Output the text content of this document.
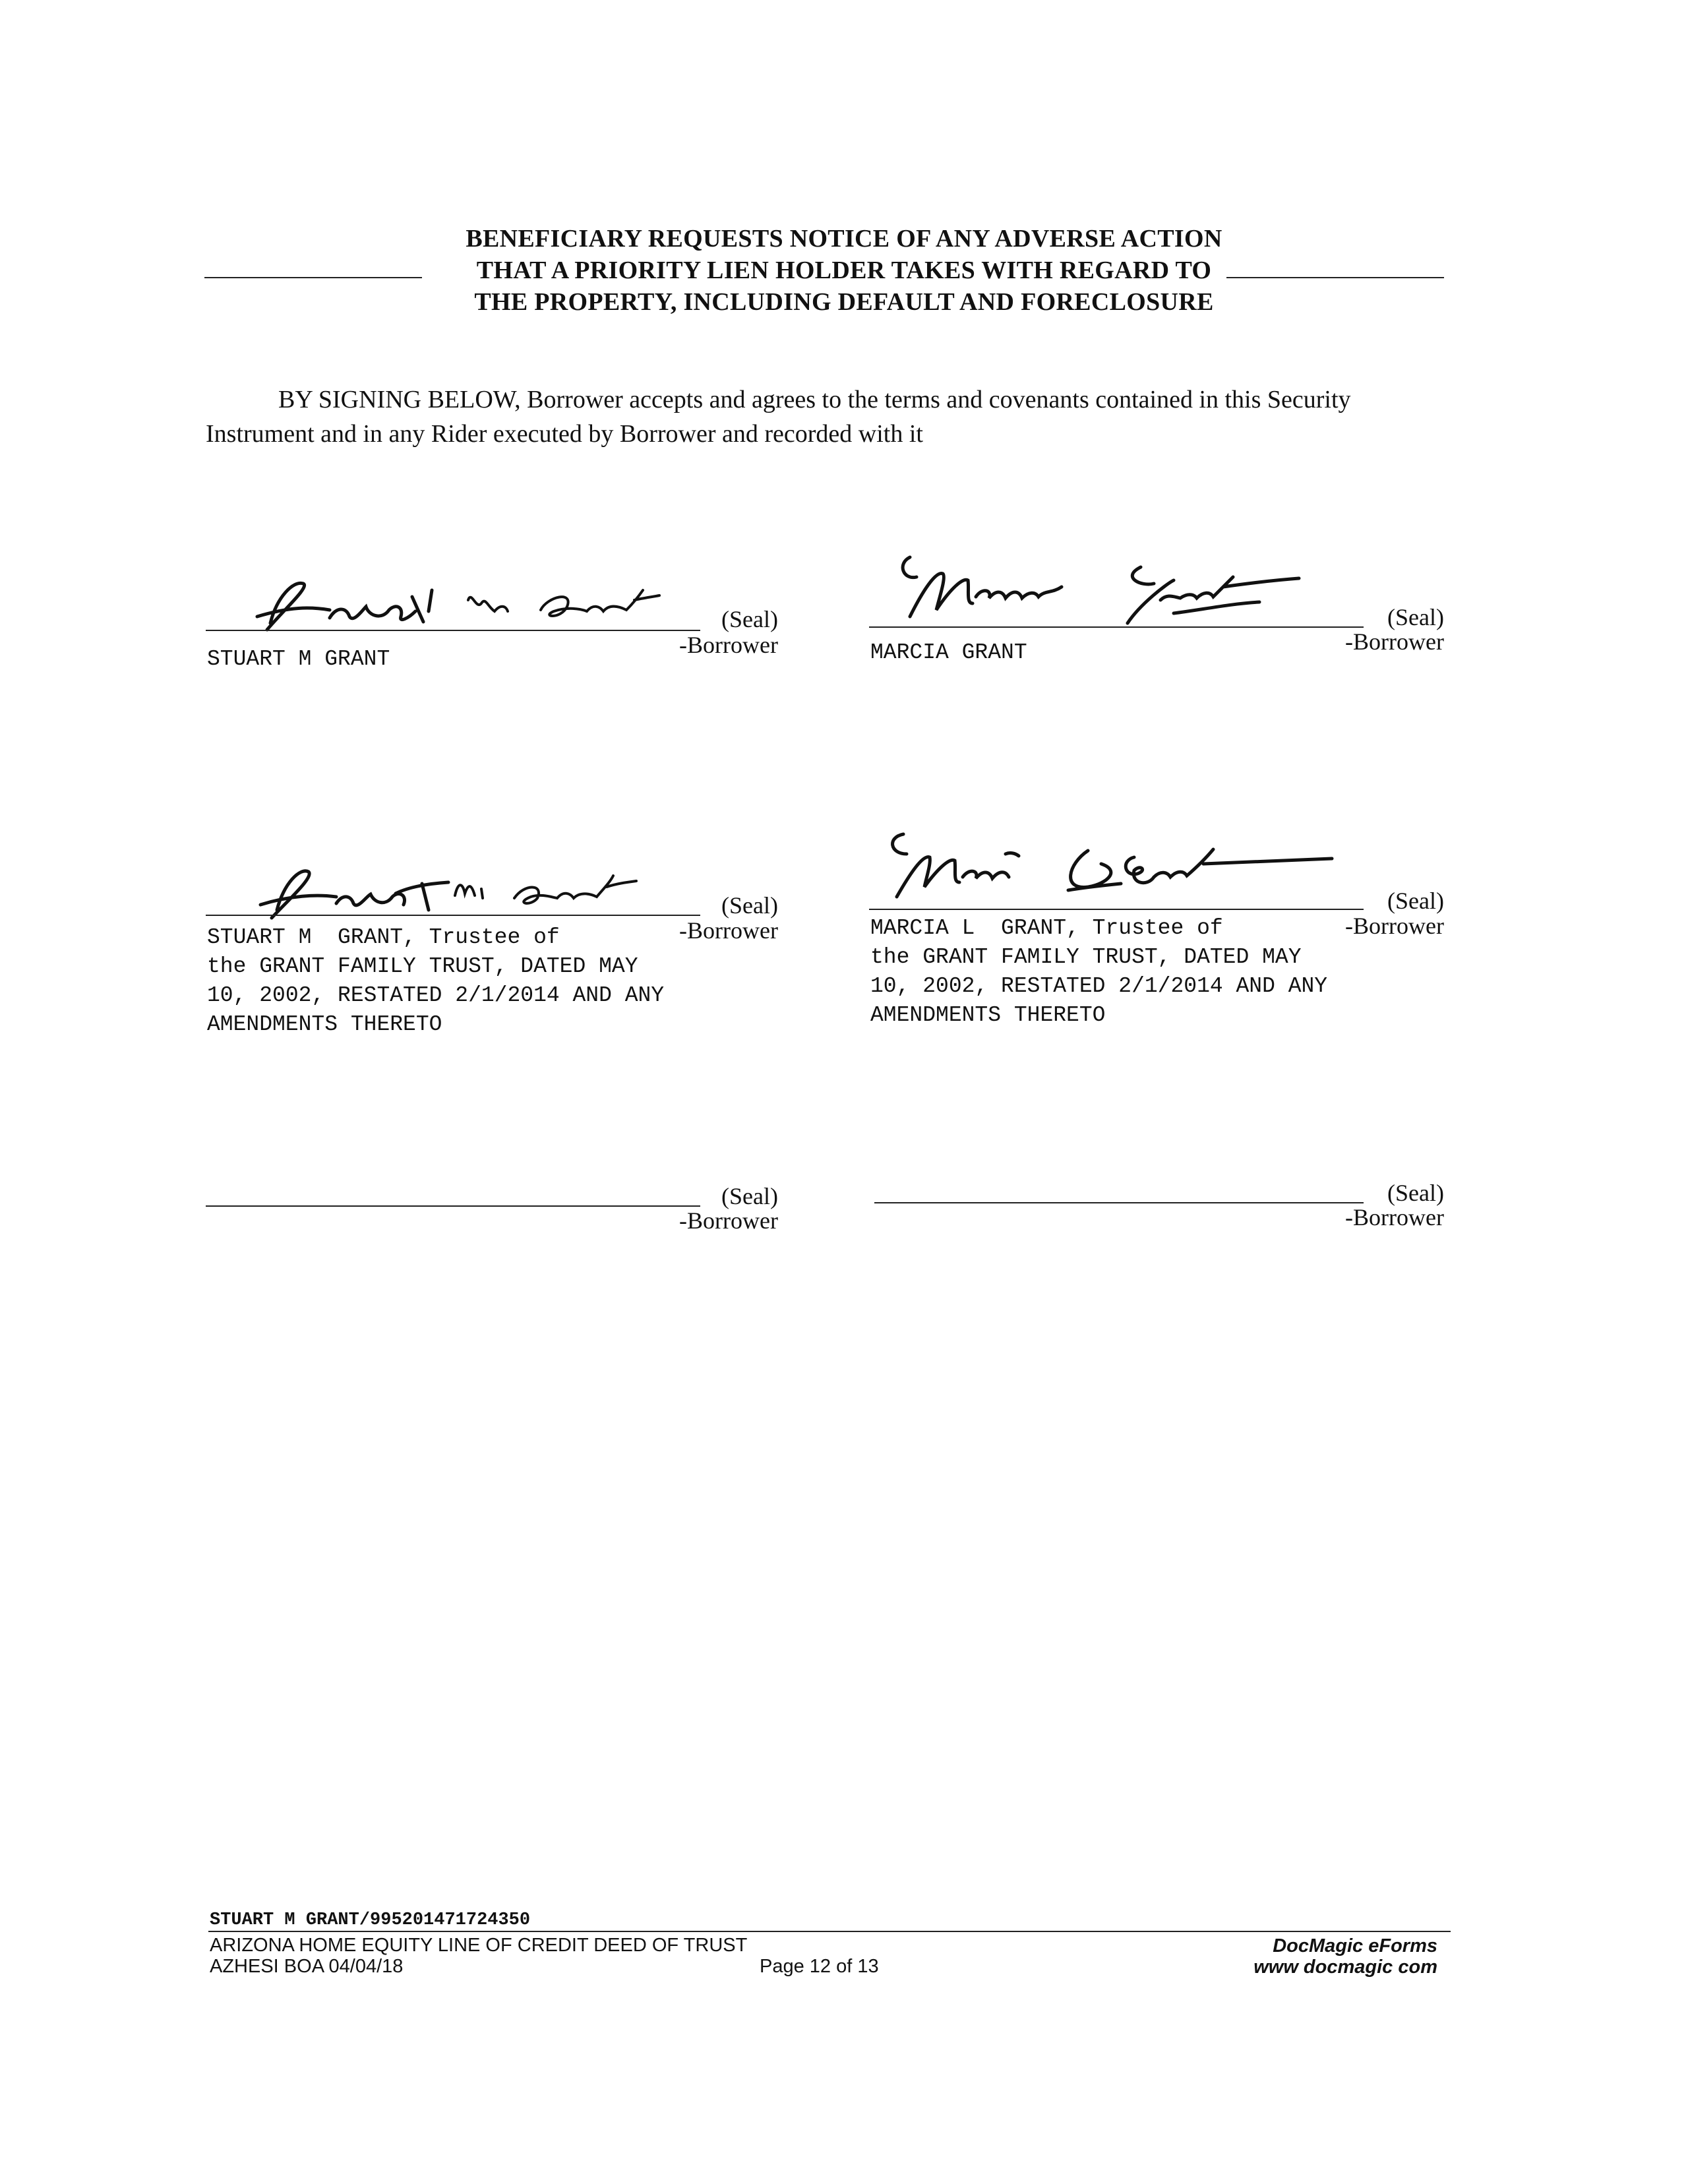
BENEFICIARY REQUESTS NOTICE OF ANY ADVERSE ACTION
THAT A PRIORITY LIEN HOLDER TAKES WITH REGARD TO
THE PROPERTY, INCLUDING DEFAULT AND FORECLOSURE
BY SIGNING BELOW, Borrower accepts and agrees to the terms and covenants contained in this Security Instrument and in any Rider executed by Borrower and recorded with it
(Seal)
-Borrower
STUART M GRANT
(Seal)
-Borrower
MARCIA GRANT
(Seal)
-Borrower
STUART M  GRANT, Trustee of
the GRANT FAMILY TRUST, DATED MAY
10, 2002, RESTATED 2/1/2014 AND ANY
AMENDMENTS THERETO
(Seal)
-Borrower
MARCIA L  GRANT, Trustee of
the GRANT FAMILY TRUST, DATED MAY
10, 2002, RESTATED 2/1/2014 AND ANY
AMENDMENTS THERETO
(Seal)
-Borrower
(Seal)
-Borrower
STUART M GRANT/995201471724350
ARIZONA HOME EQUITY LINE OF CREDIT DEED OF TRUST
AZHESI BOA 04/04/18	Page 12 of 13
DocMagic eForms
www docmagic com
